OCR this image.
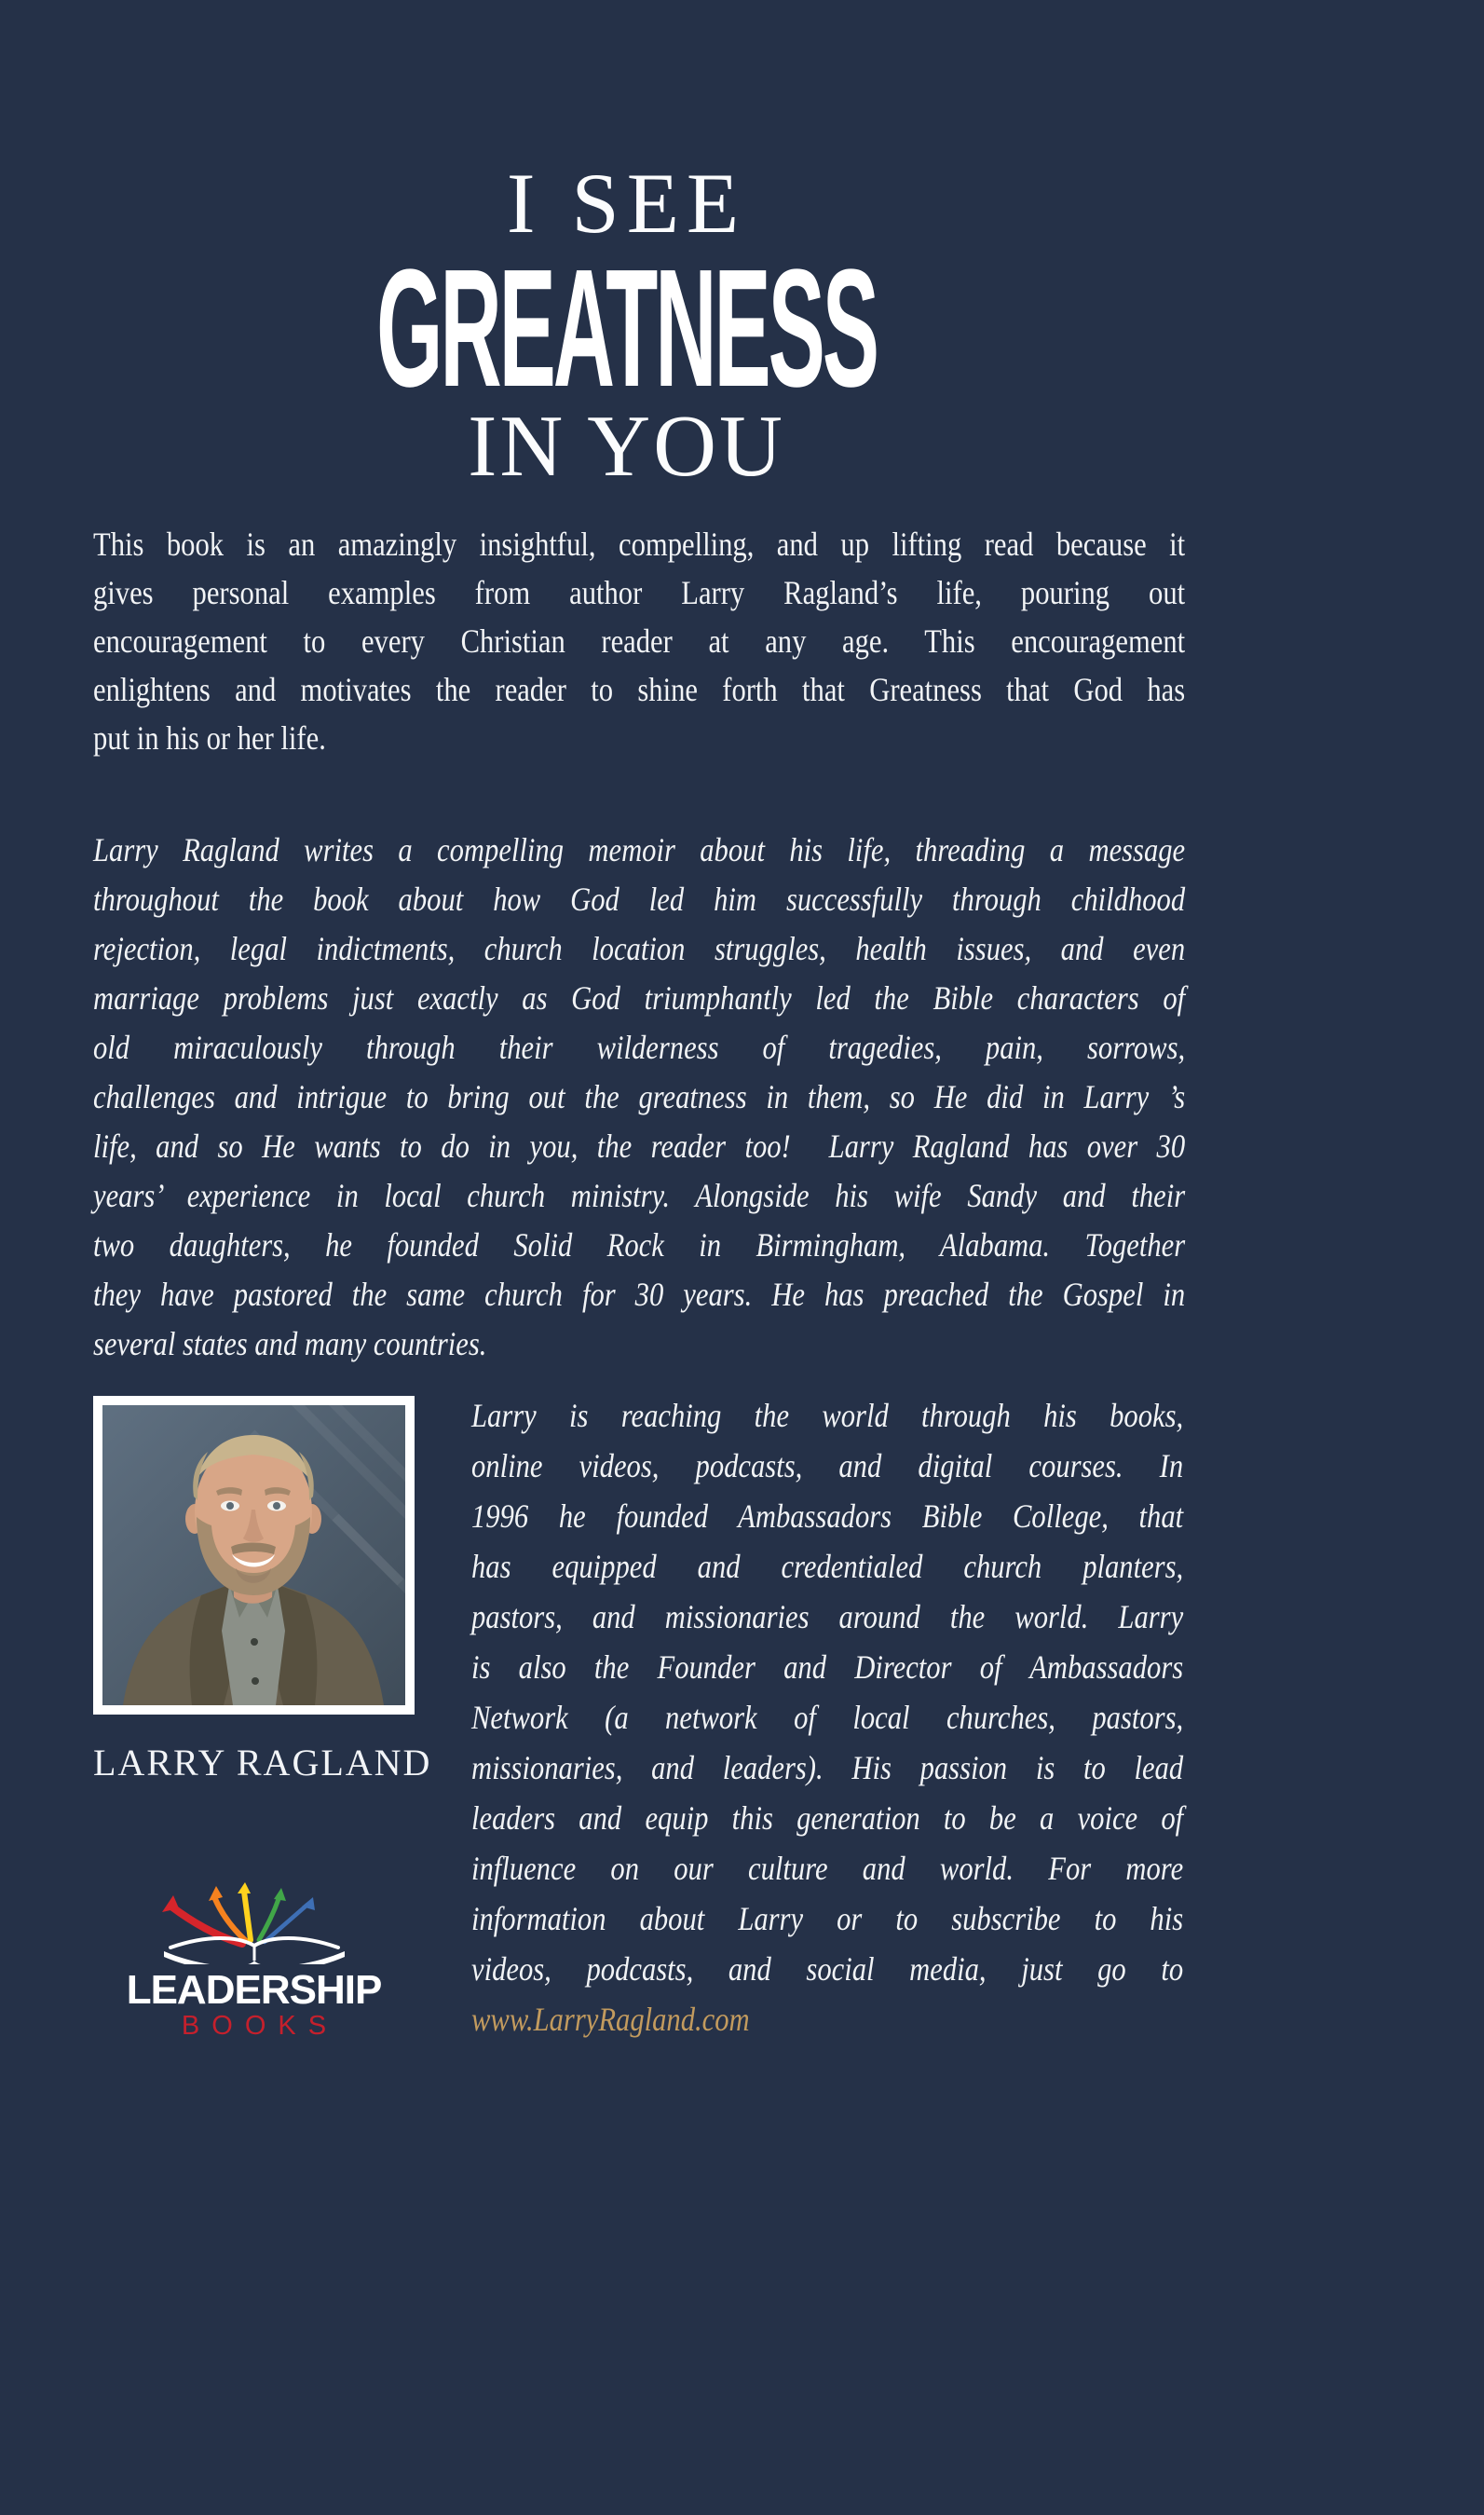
I SEE
GREATNESS
IN YOU
This book is an amazingly insightful, compelling, and up lifting read because it
gives personal examples from author Larry Ragland’s life, pouring out
encouragement to every Christian reader at any age. This encouragement
enlightens and motivates the reader to shine forth that Greatness that God has
put in his or her life.
Larry Ragland writes a compelling memoir about his life, threading a message
throughout the book about how God led him successfully through childhood
rejection, legal indictments, church location struggles, health issues, and even
marriage problems just exactly as God triumphantly led the Bible characters of
old miraculously through their wilderness of tragedies, pain, sorrows,
challenges and intrigue to bring out the greatness in them, so He did in Larry ’s
life, and so He wants to do in you, the reader too!  Larry Ragland has over 30
years’ experience in local church ministry. Alongside his wife Sandy and their
two daughters, he founded Solid Rock in Birmingham, Alabama. Together
they have pastored the same church for 30 years. He has preached the Gospel in
several states and many countries.
LARRY RAGLAND
Larry is reaching the world through his books,
online videos, podcasts, and digital courses. In
1996 he founded Ambassadors Bible College, that
has equipped and credentialed church planters,
pastors, and missionaries around the world. Larry
is also the Founder and Director of Ambassadors
Network (a network of local churches, pastors,
missionaries, and leaders). His passion is to lead
leaders and equip this generation to be a voice of
influence on our culture and world. For more
information about Larry or to subscribe to his
videos, podcasts, and social media, just go to
www.LarryRagland.com
LEADERSHIP
BOOKS
